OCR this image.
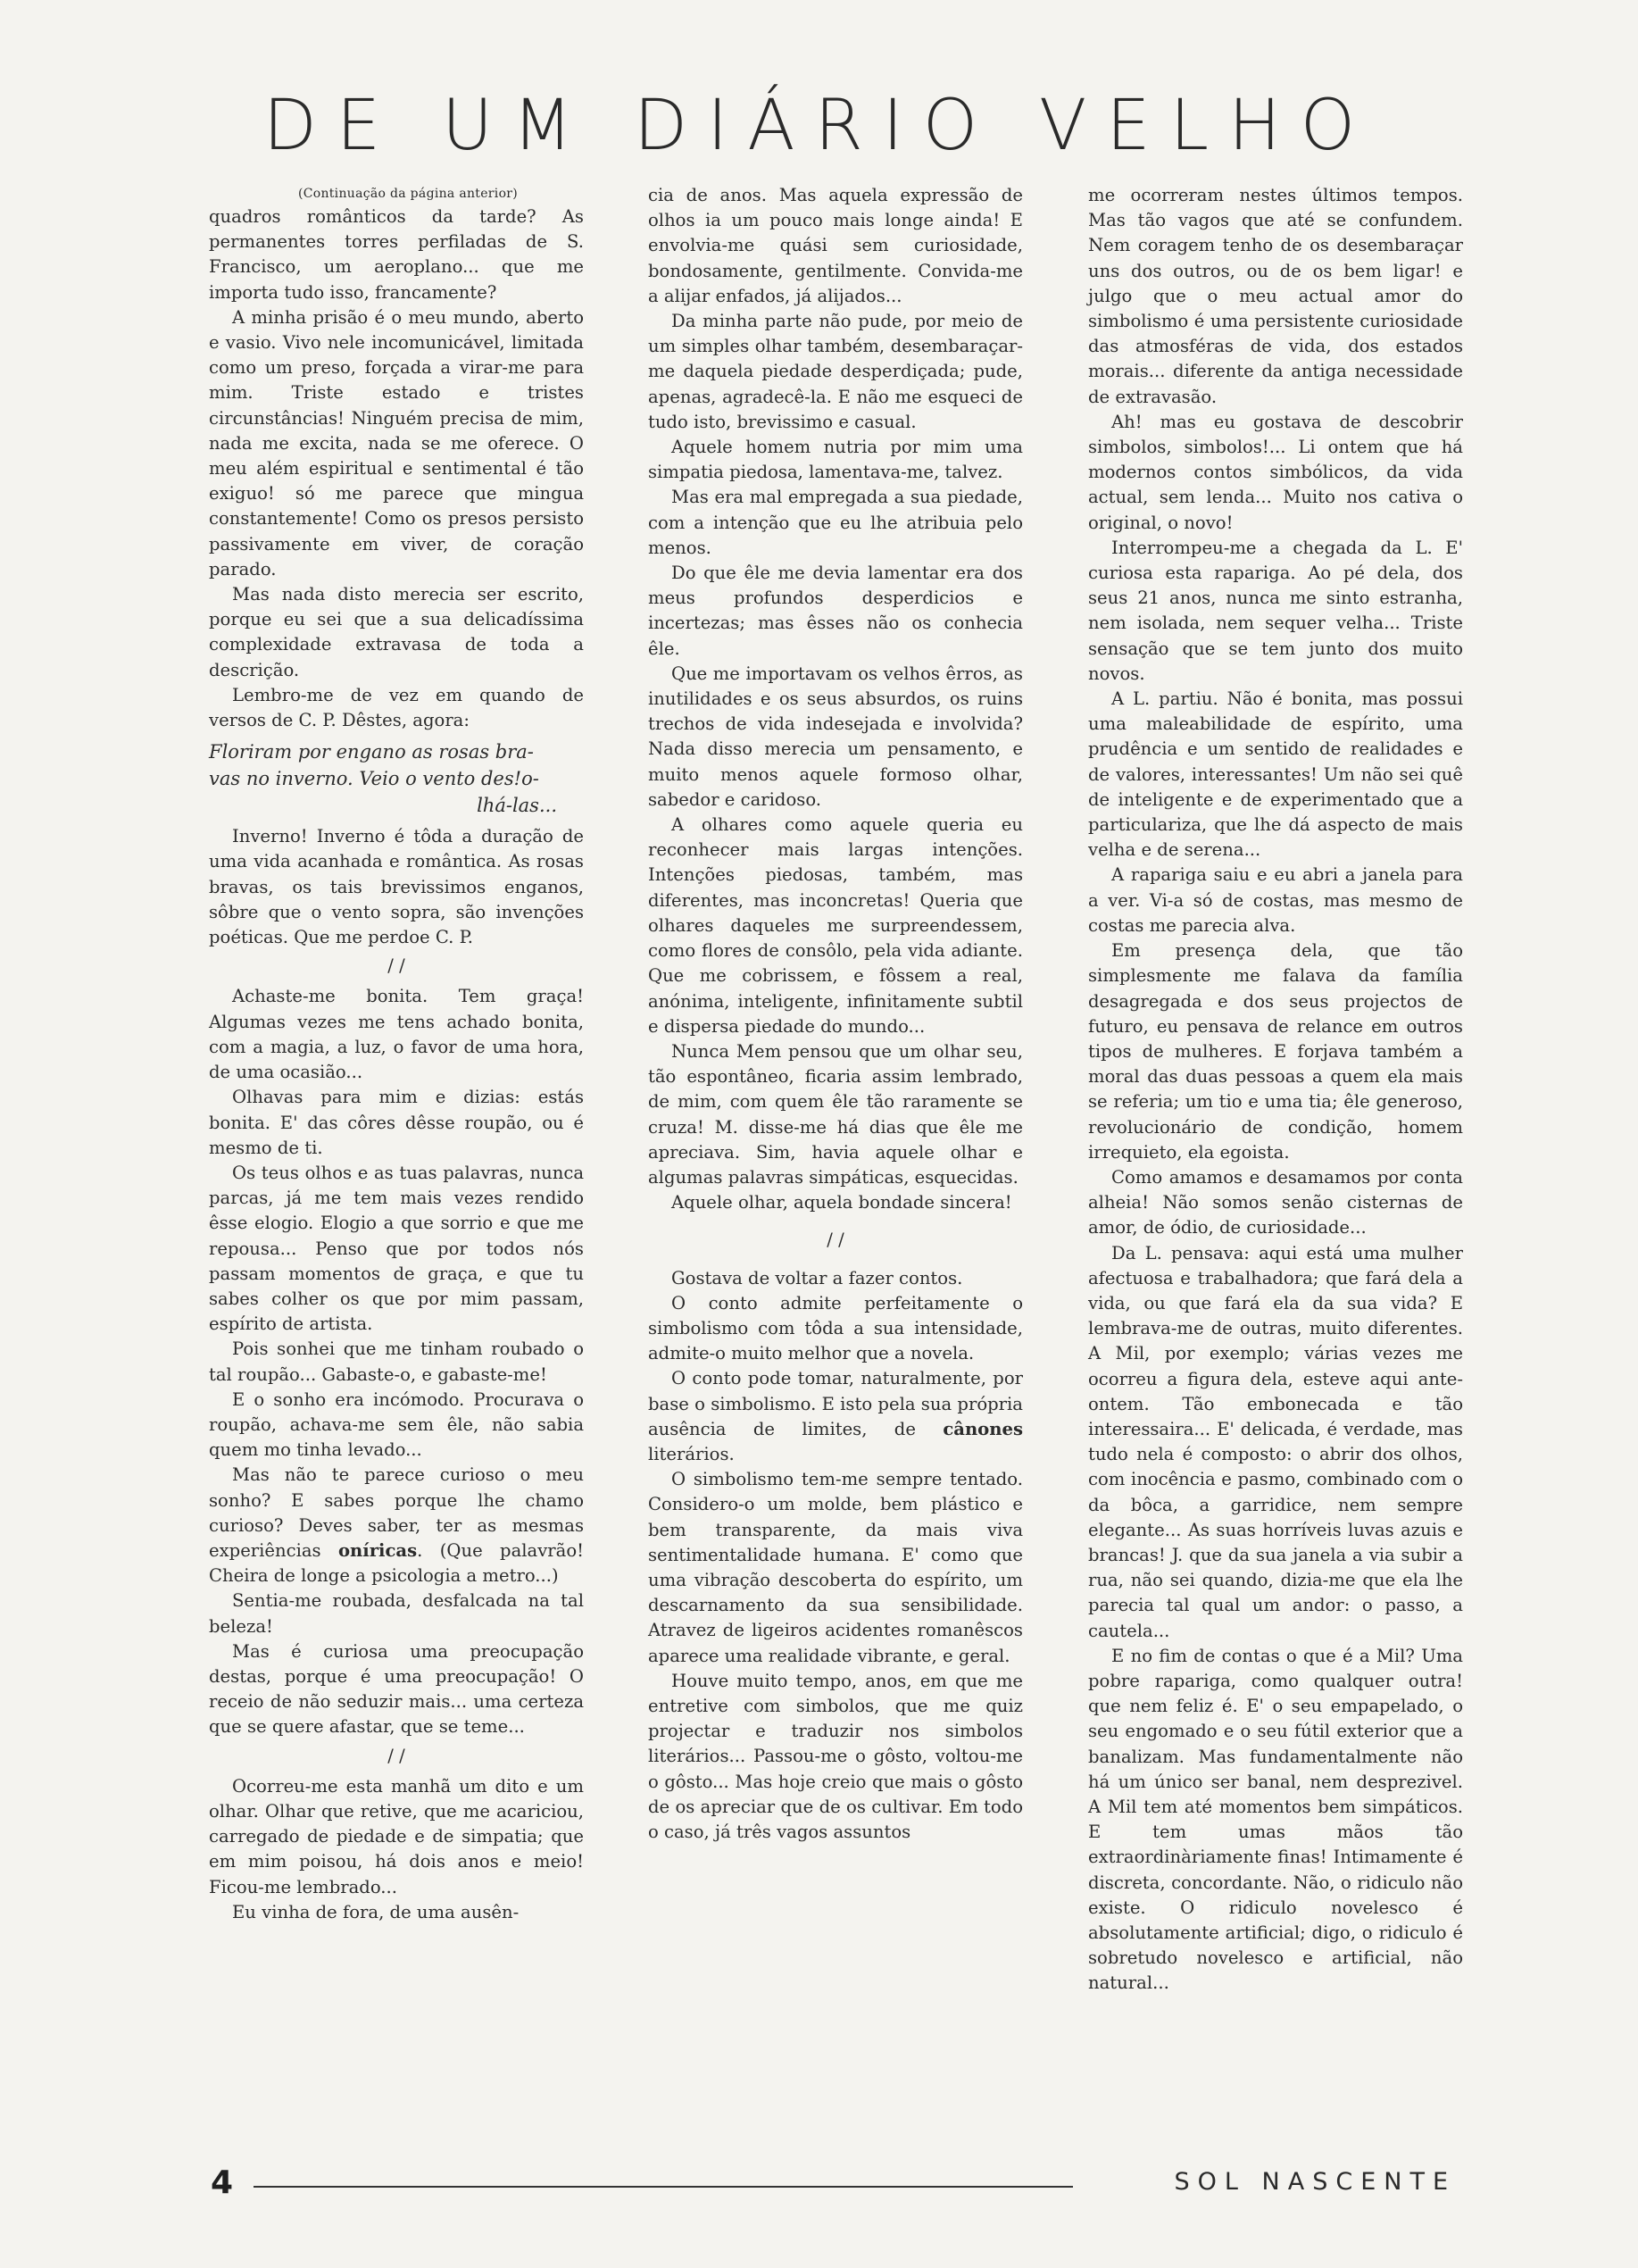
DE UM DIÁRIO VELHO

(Continuação da página anterior)

quadros românticos da tarde? As permanentes torres perfiladas de S. Francisco, um aeroplano... que me importa tudo isso, francamente?

A minha prisão é o meu mundo, aberto e vasio. Vivo nele incomunicável, limitada como um preso, forçada a virar-me para mim. Triste estado e tristes circunstâncias! Ninguém precisa de mim, nada me excita, nada se me oferece. O meu além espiritual e sentimental é tão exiguo! só me parece que mingua constantemente! Como os presos persisto passivamente em viver, de coração parado.

Mas nada disto merecia ser escrito, porque eu sei que a sua delicadíssima complexidade extravasa de toda a descrição.

Lembro-me de vez em quando de versos de C. P. Dêstes, agora:

Floriram por engano as rosas bra-
vas no inverno. Veio o vento des!o-
lhá-las...

Inverno! Inverno é tôda a duração de uma vida acanhada e romântica. As rosas bravas, os tais brevissimos enganos, sôbre que o vento sopra, são invenções poéticas. Que me perdoe C. P.

/ /

Achaste-me bonita. Tem graça! Algumas vezes me tens achado bonita, com a magia, a luz, o favor de uma hora, de uma ocasião...

Olhavas para mim e dizias: estás bonita. E' das côres dêsse roupão, ou é mesmo de ti.

Os teus olhos e as tuas palavras, nunca parcas, já me tem mais vezes rendido êsse elogio. Elogio a que sorrio e que me repousa... Penso que por todos nós passam momentos de graça, e que tu sabes colher os que por mim passam, espírito de artista.

Pois sonhei que me tinham roubado o tal roupão... Gabaste-o, e gabaste-me!

E o sonho era incómodo. Procurava o roupão, achava-me sem êle, não sabia quem mo tinha levado...

Mas não te parece curioso o meu sonho? E sabes porque lhe chamo curioso? Deves saber, ter as mesmas experiências oníricas. (Que palavrão! Cheira de longe a psicologia a metro...)

Sentia-me roubada, desfalcada na tal beleza!

Mas é curiosa uma preocupação destas, porque é uma preocupação! O receio de não seduzir mais... uma certeza que se quere afastar, que se teme...

/ /

Ocorreu-me esta manhã um dito e um olhar. Olhar que retive, que me acariciou, carregado de piedade e de simpatia; que em mim poisou, há dois anos e meio! Ficou-me lembrado...

Eu vinha de fora, de uma ausên-

cia de anos. Mas aquela expressão de olhos ia um pouco mais longe ainda! E envolvia-me quási sem curiosidade, bondosamente, gentilmente. Convida-me a alijar enfados, já alijados...

Da minha parte não pude, por meio de um simples olhar também, desembaraçar-me daquela piedade desperdiçada; pude, apenas, agradecê-la. E não me esqueci de tudo isto, brevissimo e casual.

Aquele homem nutria por mim uma simpatia piedosa, lamentava-me, talvez.

Mas era mal empregada a sua piedade, com a intenção que eu lhe atribuia pelo menos.

Do que êle me devia lamentar era dos meus profundos desperdicios e incertezas; mas êsses não os conhecia êle.

Que me importavam os velhos êrros, as inutilidades e os seus absurdos, os ruins trechos de vida indesejada e involvida? Nada disso merecia um pensamento, e muito menos aquele formoso olhar, sabedor e caridoso.

A olhares como aquele queria eu reconhecer mais largas intenções. Intenções piedosas, também, mas diferentes, mas inconcretas! Queria que olhares daqueles me surpreendessem, como flores de consôlo, pela vida adiante. Que me cobrissem, e fôssem a real, anónima, inteligente, infinitamente subtil e dispersa piedade do mundo...

Nunca Mem pensou que um olhar seu, tão espontâneo, ficaria assim lembrado, de mim, com quem êle tão raramente se cruza! M. disse-me há dias que êle me apreciava. Sim, havia aquele olhar e algumas palavras simpáticas, esquecidas.

Aquele olhar, aquela bondade sincera!

/ /

Gostava de voltar a fazer contos.

O conto admite perfeitamente o simbolismo com tôda a sua intensidade, admite-o muito melhor que a novela.

O conto pode tomar, naturalmente, por base o simbolismo. E isto pela sua própria ausência de limites, de cânones literários.

O simbolismo tem-me sempre tentado. Considero-o um molde, bem plástico e bem transparente, da mais viva sentimentalidade humana. E' como que uma vibração descoberta do espírito, um descarnamento da sua sensibilidade. Atravez de ligeiros acidentes romanêscos aparece uma realidade vibrante, e geral.

Houve muito tempo, anos, em que me entretive com simbolos, que me quiz projectar e traduzir nos simbolos literários... Passou-me o gôsto, voltou-me o gôsto... Mas hoje creio que mais o gôsto de os apreciar que de os cultivar. Em todo o caso, já três vagos assuntos

me ocorreram nestes últimos tempos. Mas tão vagos que até se confundem. Nem coragem tenho de os desembaraçar uns dos outros, ou de os bem ligar! e julgo que o meu actual amor do simbolismo é uma persistente curiosidade das atmosféras de vida, dos estados morais... diferente da antiga necessidade de extravasão.

Ah! mas eu gostava de descobrir simbolos, simbolos!... Li ontem que há modernos contos simbólicos, da vida actual, sem lenda... Muito nos cativa o original, o novo!

Interrompeu-me a chegada da L. E' curiosa esta rapariga. Ao pé dela, dos seus 21 anos, nunca me sinto estranha, nem isolada, nem sequer velha... Triste sensação que se tem junto dos muito novos.

A L. partiu. Não é bonita, mas possui uma maleabilidade de espírito, uma prudência e um sentido de realidades e de valores, interessantes! Um não sei quê de inteligente e de experimentado que a particulariza, que lhe dá aspecto de mais velha e de serena...

A rapariga saiu e eu abri a janela para a ver. Vi-a só de costas, mas mesmo de costas me parecia alva.

Em presença dela, que tão simplesmente me falava da família desagregada e dos seus projectos de futuro, eu pensava de relance em outros tipos de mulheres. E forjava também a moral das duas pessoas a quem ela mais se referia; um tio e uma tia; êle generoso, revolucionário de condição, homem irrequieto, ela egoista.

Como amamos e desamamos por conta alheia! Não somos senão cisternas de amor, de ódio, de curiosidade...

Da L. pensava: aqui está uma mulher afectuosa e trabalhadora; que fará dela a vida, ou que fará ela da sua vida? E lembrava-me de outras, muito diferentes. A Mil, por exemplo; várias vezes me ocorreu a figura dela, esteve aqui ante-ontem. Tão embonecada e tão interessaira... E' delicada, é verdade, mas tudo nela é composto: o abrir dos olhos, com inocência e pasmo, combinado com o da bôca, a garridice, nem sempre elegante... As suas horríveis luvas azuis e brancas! J. que da sua janela a via subir a rua, não sei quando, dizia-me que ela lhe parecia tal qual um andor: o passo, a cautela...

E no fim de contas o que é a Mil? Uma pobre rapariga, como qualquer outra! que nem feliz é. E' o seu empapelado, o seu engomado e o seu fútil exterior que a banalizam. Mas fundamentalmente não há um único ser banal, nem desprezivel. A Mil tem até momentos bem simpáticos. E tem umas mãos tão extraordinàriamente finas! Intimamente é discreta, concordante. Não, o ridiculo não existe. O ridiculo novelesco é absolutamente artificial; digo, o ridiculo é sobretudo novelesco e artificial, não natural...

4	SOL NASCENTE
